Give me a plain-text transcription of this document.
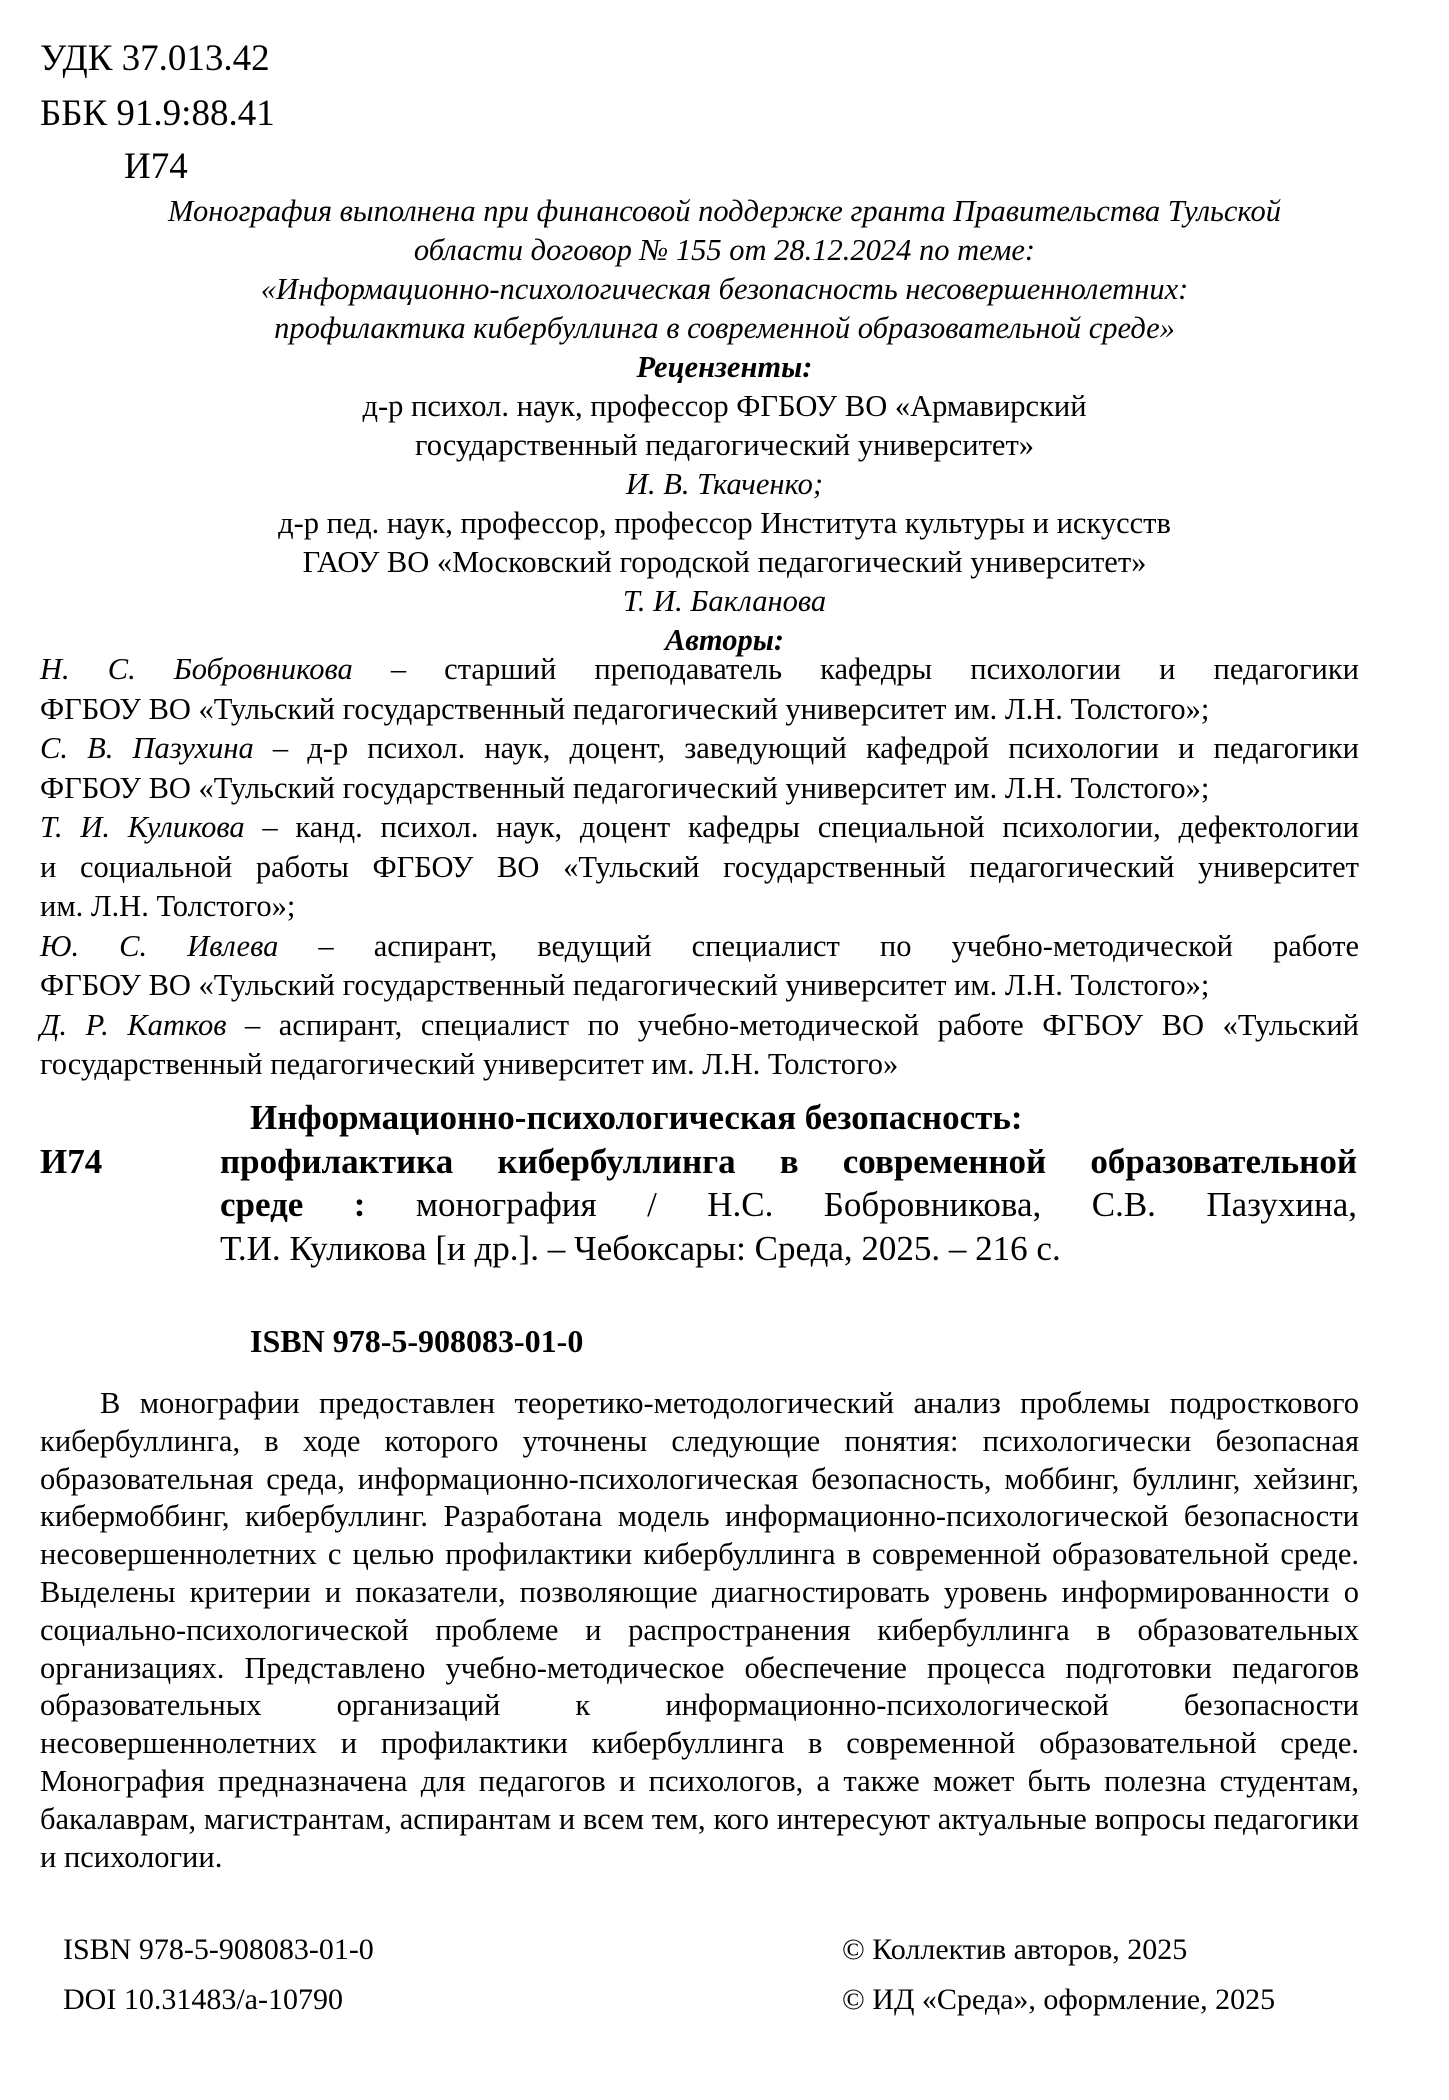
УДК 37.013.42

ББК 91.9:88.41

И74

Монография выполнена при финансовой поддержке гранта Правительства Тульской

области договор № 155 от 28.12.2024 по теме:

«Информационно-психологическая безопасность несовершеннолетних:

профилактика кибербуллинга в современной образовательной среде»

Рецензенты:

д-р психол. наук, профессор ФГБОУ ВО «Армавирский

государственный педагогический университет»

И. В. Ткаченко;

д-р пед. наук, профессор, профессор Института культуры и искусств

ГАОУ ВО «Московский городской педагогический университет»

Т. И. Бакланова

Авторы:

Н. С. Бобровникова – старший преподаватель кафедры психологии и педагогики

ФГБОУ ВО «Тульский государственный педагогический университет им. Л.Н. Толстого»;

С. В. Пазухина – д-р психол. наук, доцент, заведующий кафедрой психологии и педагогики

ФГБОУ ВО «Тульский государственный педагогический университет им. Л.Н. Толстого»;

Т. И. Куликова – канд. психол. наук, доцент кафедры специальной психологии, дефектологии

и социальной работы ФГБОУ ВО «Тульский государственный педагогический университет

им. Л.Н. Толстого»;

Ю. С. Ивлева – аспирант, ведущий специалист по учебно-методической работе

ФГБОУ ВО «Тульский государственный педагогический университет им. Л.Н. Толстого»;

Д. Р. Катков – аспирант, специалист по учебно-методической работе ФГБОУ ВО «Тульский

государственный педагогический университет им. Л.Н. Толстого»

И74

Информационно-психологическая безопасность:

профилактика кибербуллинга в современной образовательной

среде : монография / Н.С. Бобровникова, С.В. Пазухина,

Т.И. Куликова [и др.]. – Чебоксары: Среда, 2025. – 216 с.

ISBN 978-5-908083-01-0

В монографии предоставлен теоретико-методологический анализ проблемы подросткового кибербуллинга, в ходе которого уточнены следующие понятия: психологически безопасная образовательная среда, информационно-психологическая безопасность, моббинг, буллинг, хейзинг, кибермоббинг, кибербуллинг. Разработана модель информационно-психологической безопасности несовершеннолетних с целью профилактики кибербуллинга в современной образовательной среде. Выделены критерии и показатели, позволяющие диагностировать уровень информированности о социально-психологической проблеме и распространения кибербуллинга в образовательных организациях. Представлено учебно-методическое обеспечение процесса подготовки педагогов образовательных организаций к информационно-психологической безопасности несовершеннолетних и профилактики кибербуллинга в современной образовательной среде. Монография предназначена для педагогов и психологов, а также может быть полезна студентам, бакалаврам, магистрантам, аспирантам и всем тем, кого интересуют актуальные вопросы педагогики и психологии.

ISBN 978-5-908083-01-0

DOI 10.31483/a-10790

© Коллектив авторов, 2025

© ИД «Среда», оформление, 2025
